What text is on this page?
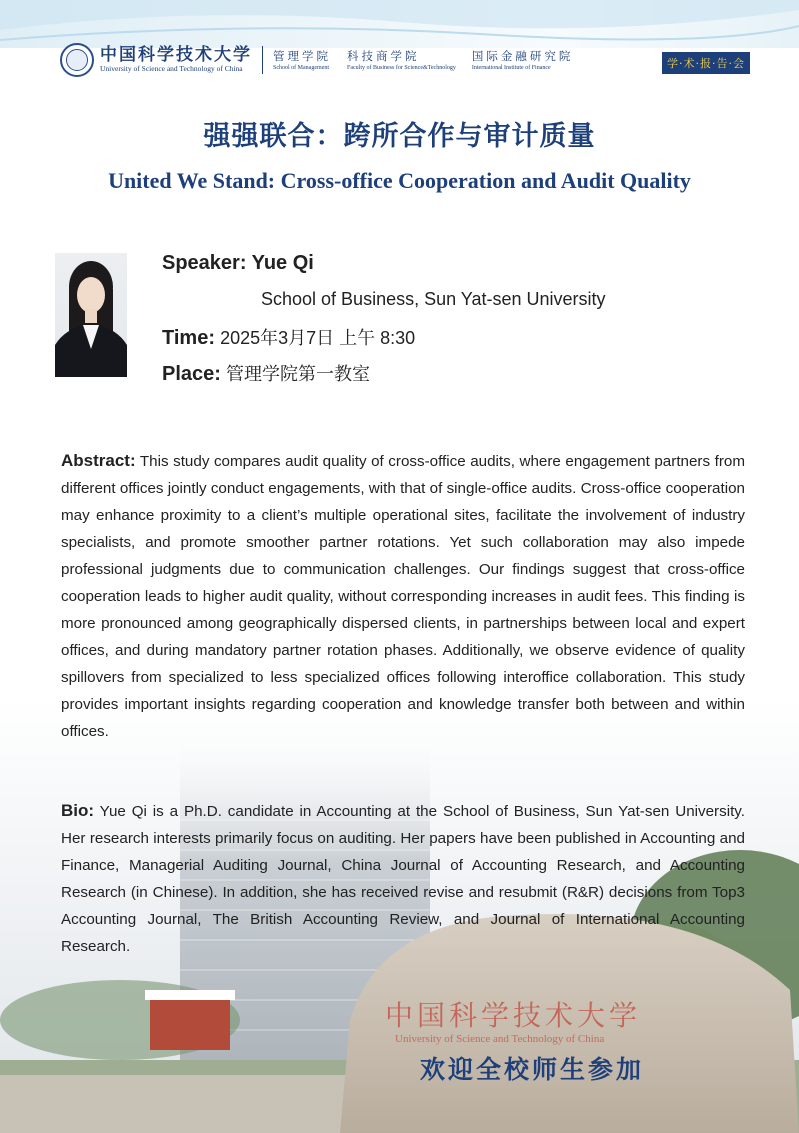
中国科学技术大学
University of Science and Technology of China
中国科学技术大学
University of Science and Technology of China
管理学院
School of Management
科技商学院
Faculty of Business for Science&Technology
国际金融研究院
International Institute of Finance	学·术·报·告·会
强强联合：跨所合作与审计质量
United We Stand: Cross-office Cooperation and Audit Quality
Speaker: Yue Qi
School of Business, Sun Yat-sen University
Time: 2025年3月7日 上午 8:30
Place: 管理学院第一教室
Abstract: This study compares audit quality of cross-office audits, where engagement partners from different offices jointly conduct engagements, with that of single-office audits. Cross-office cooperation may enhance proximity to a client’s multiple operational sites, facilitate the involvement of industry specialists, and promote smoother partner rotations. Yet such collaboration may also impede professional judgments due to communication challenges. Our findings suggest that cross-office cooperation leads to higher audit quality, without corresponding increases in audit fees. This finding is more pronounced among geographically dispersed clients, in partnerships between local and expert offices, and during mandatory partner rotation phases. Additionally, we observe evidence of quality spillovers from specialized to less specialized offices following interoffice collaboration. This study provides important insights regarding cooperation and knowledge transfer both between and within offices.
Bio: Yue Qi is a Ph.D. candidate in Accounting at the School of Business, Sun Yat-sen University. Her research interests primarily focus on auditing. Her papers have been published in Accounting and Finance, Managerial Auditing Journal, China Journal of Accounting Research, and Accounting Research (in Chinese). In addition, she has received revise and resubmit (R&R) decisions from Top3 Accounting Journal, The British Accounting Review, and Journal of International Accounting Research.
欢迎全校师生参加
